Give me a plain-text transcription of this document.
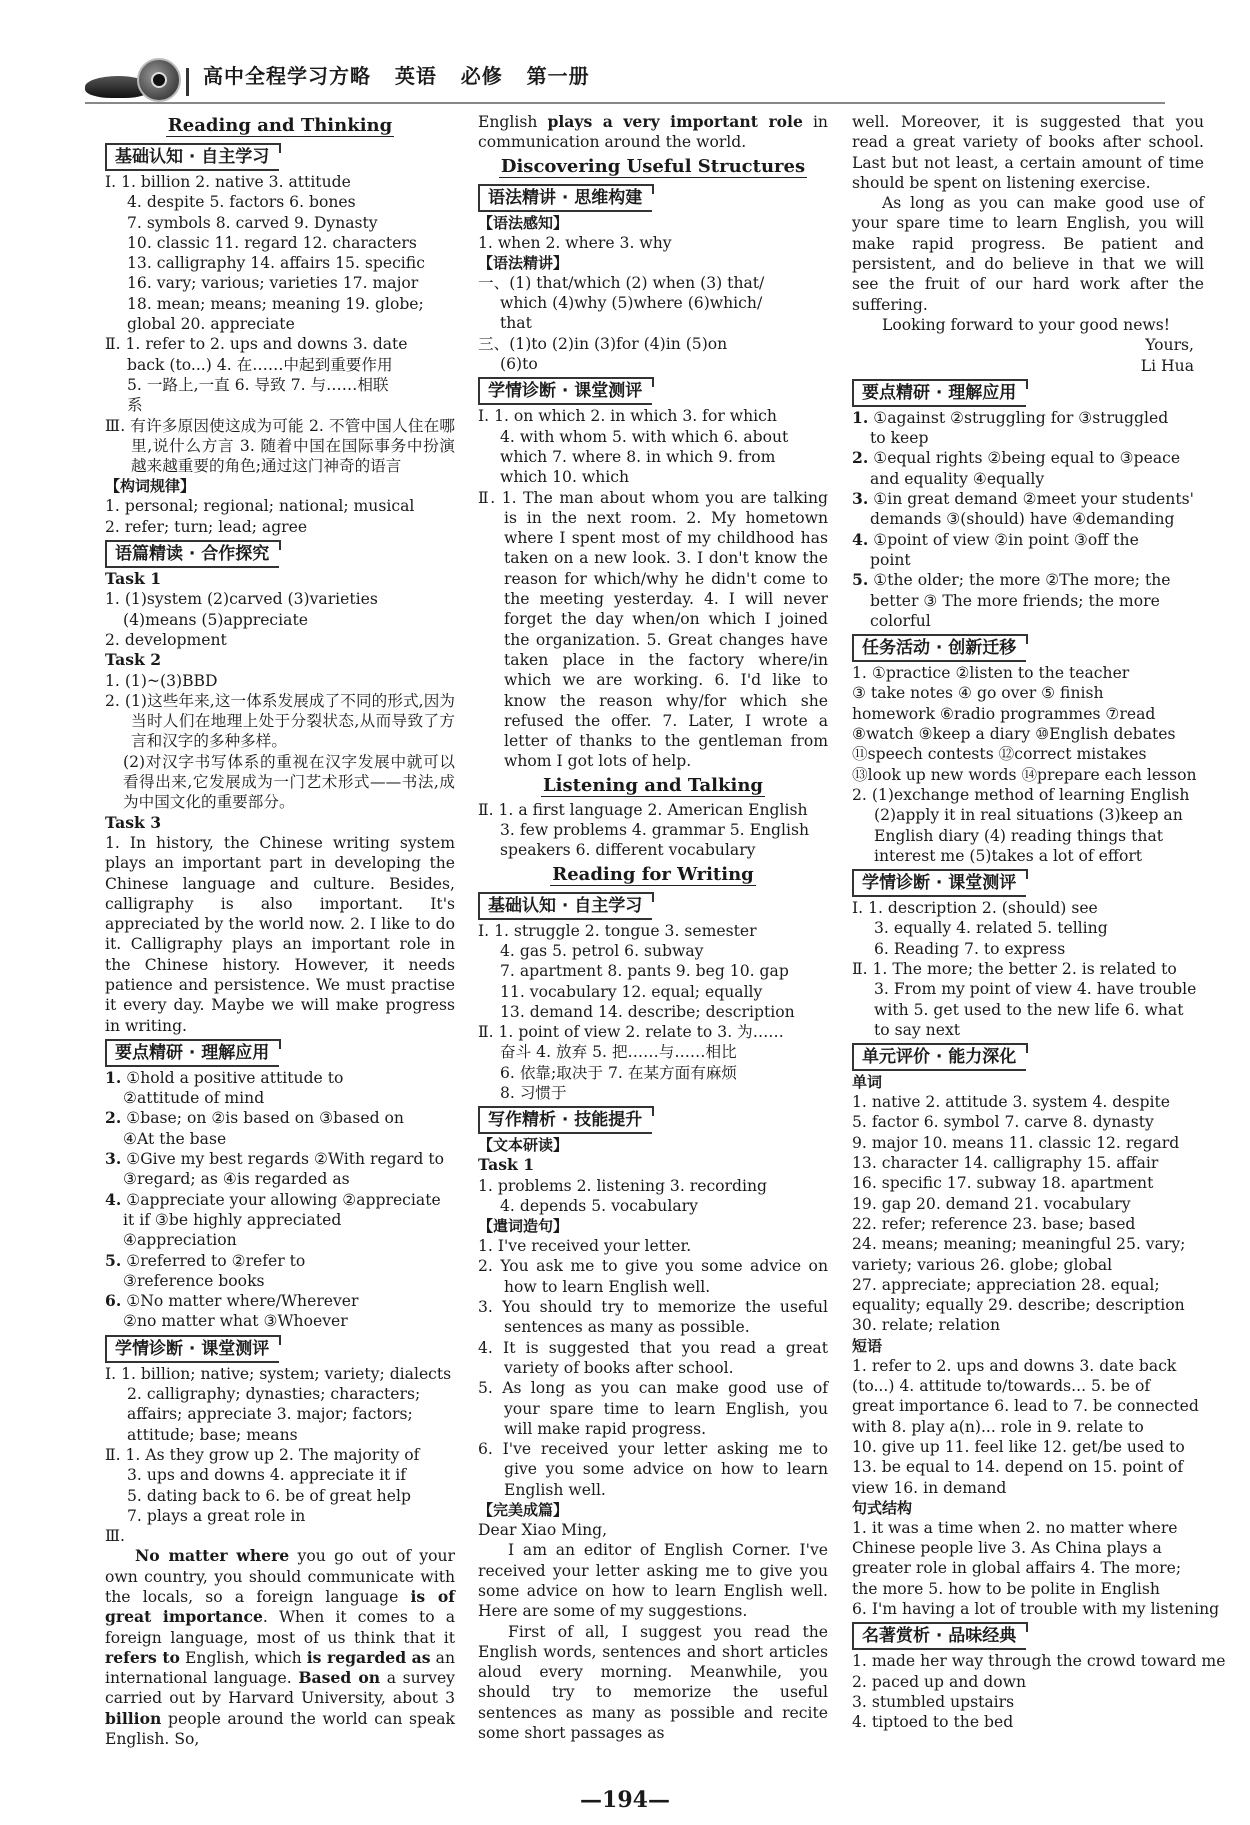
高中全程学习方略   英语   必修   第一册
Reading and Thinking
基础认知 · 自主学习
Ⅰ. 1. billion 2. native 3. attitude
4. despite 5. factors 6. bones
7. symbols 8. carved 9. Dynasty
10. classic 11. regard 12. characters
13. calligraphy 14. affairs 15. specific
16. vary; various; varieties 17. major
18. mean; means; meaning 19. globe;
global 20. appreciate
Ⅱ. 1. refer to 2. ups and downs 3. date
back (to...) 4. 在……中起到重要作用
5. 一路上,一直 6. 导致 7. 与……相联
系
Ⅲ. 有许多原因使这成为可能 2. 不管中国人住在哪里,说什么方言 3. 随着中国在国际事务中扮演越来越重要的角色;通过这门神奇的语言
【构词规律】
1. personal; regional; national; musical
2. refer; turn; lead; agree
语篇精读 · 合作探究
Task 1
1. (1)system (2)carved (3)varieties
(4)means (5)appreciate
2. development
Task 2
1. (1)~(3)BBD
2. (1)这些年来,这一体系发展成了不同的形式,因为当时人们在地理上处于分裂状态,从而导致了方言和汉字的多种多样。
(2)对汉字书写体系的重视在汉字发展中就可以看得出来,它发展成为一门艺术形式——书法,成为中国文化的重要部分。
Task 3
1. In history, the Chinese writing system plays an important part in developing the Chinese language and culture. Besides, calligraphy is also important. It's appreciated by the world now. 2. I like to do it. Calligraphy plays an important role in the Chinese history. However, it needs patience and persistence. We must practise it every day. Maybe we will make progress in writing.
要点精研 · 理解应用
1. ①hold a positive attitude to
②attitude of mind
2. ①base; on ②is based on ③based on
④At the base
3. ①Give my best regards ②With regard to
③regard; as ④is regarded as
4. ①appreciate your allowing ②appreciate
it if ③be highly appreciated
④appreciation
5. ①referred to ②refer to
③reference books
6. ①No matter where/Wherever
②no matter what ③Whoever
学情诊断 · 课堂测评
Ⅰ. 1. billion; native; system; variety; dialects
2. calligraphy; dynasties; characters;
affairs; appreciate 3. major; factors;
attitude; base; means
Ⅱ. 1. As they grow up 2. The majority of
3. ups and downs 4. appreciate it if
5. dating back to 6. be of great help
7. plays a great role in
Ⅲ.
No matter where you go out of your own country, you should communicate with the locals, so a foreign language is of great importance. When it comes to a foreign language, most of us think that it refers to English, which is regarded as an international language. Based on a survey carried out by Harvard University, about 3 billion people around the world can speak English. So,
English plays a very important role in communication around the world.
Discovering Useful Structures
语法精讲 · 思维构建
【语法感知】
1. when 2. where 3. why
【语法精讲】
一、(1) that/which (2) when (3) that/
which (4)why (5)where (6)which/
that
三、(1)to (2)in (3)for (4)in (5)on
(6)to
学情诊断 · 课堂测评
Ⅰ. 1. on which 2. in which 3. for which
4. with whom 5. with which 6. about
which 7. where 8. in which 9. from
which 10. which
Ⅱ. 1. The man about whom you are talking is in the next room. 2. My hometown where I spent most of my childhood has taken on a new look. 3. I don't know the reason for which/why he didn't come to the meeting yesterday. 4. I will never forget the day when/on which I joined the organization. 5. Great changes have taken place in the factory where/in which we are working. 6. I'd like to know the reason why/for which she refused the offer. 7. Later, I wrote a letter of thanks to the gentleman from whom I got lots of help.
Listening and Talking
Ⅱ. 1. a first language 2. American English
3. few problems 4. grammar 5. English
speakers 6. different vocabulary
Reading for Writing
基础认知 · 自主学习
Ⅰ. 1. struggle 2. tongue 3. semester
4. gas 5. petrol 6. subway
7. apartment 8. pants 9. beg 10. gap
11. vocabulary 12. equal; equally
13. demand 14. describe; description
Ⅱ. 1. point of view 2. relate to 3. 为……
奋斗 4. 放弃 5. 把……与……相比
6. 依靠;取决于 7. 在某方面有麻烦
8. 习惯于
写作精析 · 技能提升
【文本研读】
Task 1
1. problems 2. listening 3. recording
4. depends 5. vocabulary
【遣词造句】
1. I've received your letter.
2. You ask me to give you some advice on how to learn English well.
3. You should try to memorize the useful sentences as many as possible.
4. It is suggested that you read a great variety of books after school.
5. As long as you can make good use of your spare time to learn English, you will make rapid progress.
6. I've received your letter asking me to give you some advice on how to learn English well.
【完美成篇】
Dear Xiao Ming,
I am an editor of English Corner. I've received your letter asking me to give you some advice on how to learn English well. Here are some of my suggestions.
First of all, I suggest you read the English words, sentences and short articles aloud every morning. Meanwhile, you should try to memorize the useful sentences as many as possible and recite some short passages as
well. Moreover, it is suggested that you read a great variety of books after school. Last but not least, a certain amount of time should be spent on listening exercise.
As long as you can make good use of your spare time to learn English, you will make rapid progress. Be patient and persistent, and do believe in that we will see the fruit of our hard work after the suffering.
Looking forward to your good news!
Yours,
Li Hua
要点精研 · 理解应用
1. ①against ②struggling for ③struggled
to keep
2. ①equal rights ②being equal to ③peace
and equality ④equally
3. ①in great demand ②meet your students'
demands ③(should) have ④demanding
4. ①point of view ②in point ③off the
point
5. ①the older; the more ②The more; the
better ③ The more friends; the more
colorful
任务活动 · 创新迁移
1. ①practice ②listen to the teacher
③ take notes ④ go over ⑤ finish
homework ⑥radio programmes ⑦read
⑧watch ⑨keep a diary ⑩English debates
⑪speech contests ⑫correct mistakes
⑬look up new words ⑭prepare each lesson
2. (1)exchange method of learning English
(2)apply it in real situations (3)keep an
English diary (4) reading things that
interest me (5)takes a lot of effort
学情诊断 · 课堂测评
Ⅰ. 1. description 2. (should) see
3. equally 4. related 5. telling
6. Reading 7. to express
Ⅱ. 1. The more; the better 2. is related to
3. From my point of view 4. have trouble
with 5. get used to the new life 6. what
to say next
单元评价 · 能力深化
单词
1. native 2. attitude 3. system 4. despite
5. factor 6. symbol 7. carve 8. dynasty
9. major 10. means 11. classic 12. regard
13. character 14. calligraphy 15. affair
16. specific 17. subway 18. apartment
19. gap 20. demand 21. vocabulary
22. refer; reference 23. base; based
24. means; meaning; meaningful 25. vary;
variety; various 26. globe; global
27. appreciate; appreciation 28. equal;
equality; equally 29. describe; description
30. relate; relation
短语
1. refer to 2. ups and downs 3. date back
(to...) 4. attitude to/towards... 5. be of
great importance 6. lead to 7. be connected
with 8. play a(n)... role in 9. relate to
10. give up 11. feel like 12. get/be used to
13. be equal to 14. depend on 15. point of
view 16. in demand
句式结构
1. it was a time when 2. no matter where
Chinese people live 3. As China plays a
greater role in global affairs 4. The more;
the more 5. how to be polite in English
6. I'm having a lot of trouble with my listening
名著赏析 · 品味经典
1. made her way through the crowd toward me
2. paced up and down
3. stumbled upstairs
4. tiptoed to the bed
—194—
